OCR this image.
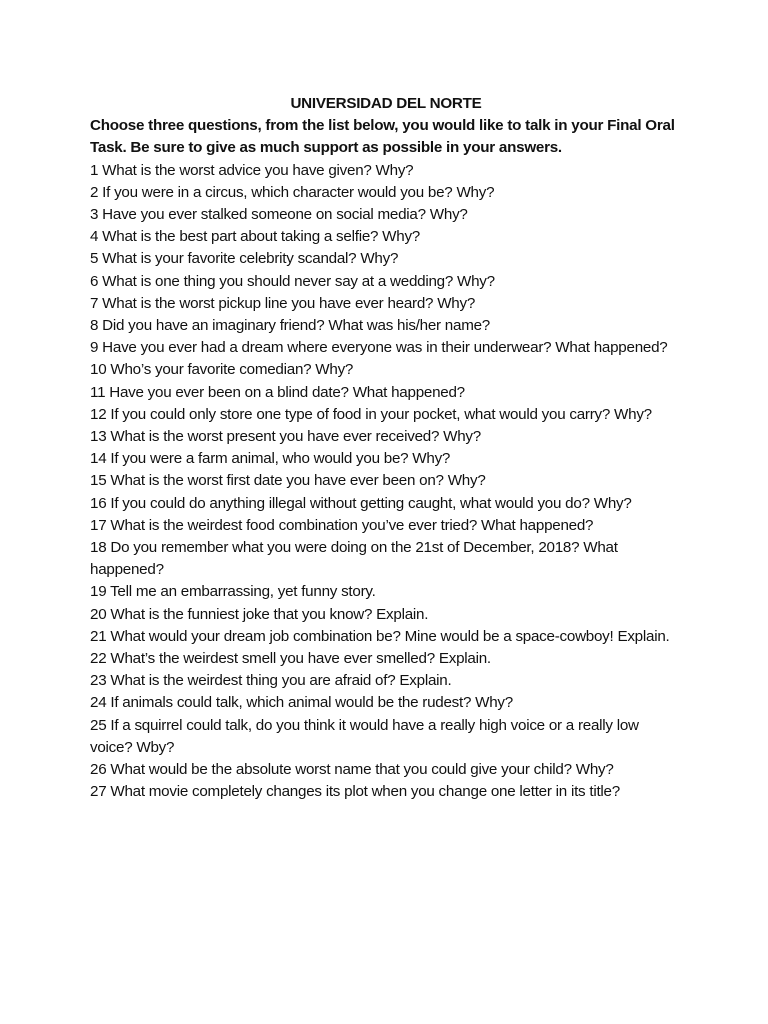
UNIVERSIDAD DEL NORTE

Choose three questions, from the list below, you would like to talk in your Final Oral Task. Be sure to give as much support as possible in your answers.

1 What is the worst advice you have given? Why?
2 If you were in a circus, which character would you be? Why?
3 Have you ever stalked someone on social media? Why?
4 What is the best part about taking a selfie? Why?
5 What is your favorite celebrity scandal? Why?
6 What is one thing you should never say at a wedding? Why?
7 What is the worst pickup line you have ever heard? Why?
8 Did you have an imaginary friend? What was his/her name?
9 Have you ever had a dream where everyone was in their underwear? What happened?
10 Who’s your favorite comedian? Why?
11 Have you ever been on a blind date? What happened?
12 If you could only store one type of food in your pocket, what would you carry? Why?
13 What is the worst present you have ever received? Why?
14 If you were a farm animal, who would you be? Why?
15 What is the worst first date you have ever been on? Why?
16 If you could do anything illegal without getting caught, what would you do? Why?
17 What is the weirdest food combination you’ve ever tried? What happened?
18 Do you remember what you were doing on the 21st of December, 2018? What happened?
19 Tell me an embarrassing, yet funny story.
20 What is the funniest joke that you know? Explain.
21 What would your dream job combination be? Mine would be a space-cowboy! Explain.
22 What’s the weirdest smell you have ever smelled? Explain.
23 What is the weirdest thing you are afraid of? Explain.
24 If animals could talk, which animal would be the rudest? Why?
25 If a squirrel could talk, do you think it would have a really high voice or a really low voice? Wby?
26 What would be the absolute worst name that you could give your child? Why?
27 What movie completely changes its plot when you change one letter in its title?
